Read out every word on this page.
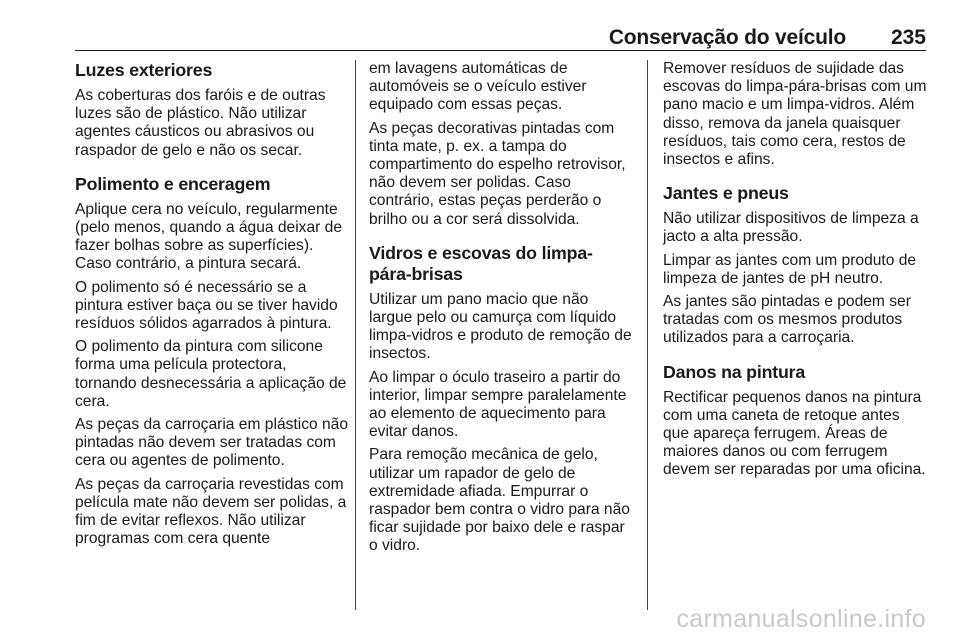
Conservação do veículo 235
Luzes exteriores

As coberturas dos faróis e de outras luzes são de plástico. Não utilizar agentes cáusticos ou abrasivos ou raspador de gelo e não os secar.

Polimento e enceragem

Aplique cera no veículo, regularmente (pelo menos, quando a água deixar de fazer bolhas sobre as superfícies). Caso contrário, a pintura secará.

O polimento só é necessário se a pintura estiver baça ou se tiver havido resíduos sólidos agarrados à pintura.

O polimento da pintura com silicone forma uma película protectora, tornando desnecessária a aplicação de cera.

As peças da carroçaria em plástico não pintadas não devem ser tratadas com cera ou agentes de polimento.

As peças da carroçaria revestidas com película mate não devem ser polidas, a fim de evitar reflexos. Não utilizar programas com cera quente

em lavagens automáticas de automóveis se o veículo estiver equipado com essas peças.

As peças decorativas pintadas com tinta mate, p. ex. a tampa do compartimento do espelho retrovisor, não devem ser polidas. Caso contrário, estas peças perderão o brilho ou a cor será dissolvida.

Vidros e escovas do limpa-pára-brisas

Utilizar um pano macio que não largue pelo ou camurça com líquido limpa-vidros e produto de remoção de insectos.

Ao limpar o óculo traseiro a partir do interior, limpar sempre paralelamente ao elemento de aquecimento para evitar danos.

Para remoção mecânica de gelo, utilizar um rapador de gelo de extremidade afiada. Empurrar o raspador bem contra o vidro para não ficar sujidade por baixo dele e raspar o vidro.

Remover resíduos de sujidade das escovas do limpa-pára-brisas com um pano macio e um limpa-vidros. Além disso, remova da janela quaisquer resíduos, tais como cera, restos de insectos e afins.

Jantes e pneus

Não utilizar dispositivos de limpeza a jacto a alta pressão.

Limpar as jantes com um produto de limpeza de jantes de pH neutro.

As jantes são pintadas e podem ser tratadas com os mesmos produtos utilizados para a carroçaria.

Danos na pintura

Rectificar pequenos danos na pintura com uma caneta de retoque antes que apareça ferrugem. Áreas de maiores danos ou com ferrugem devem ser reparadas por uma oficina.

carmanualsonline.info
